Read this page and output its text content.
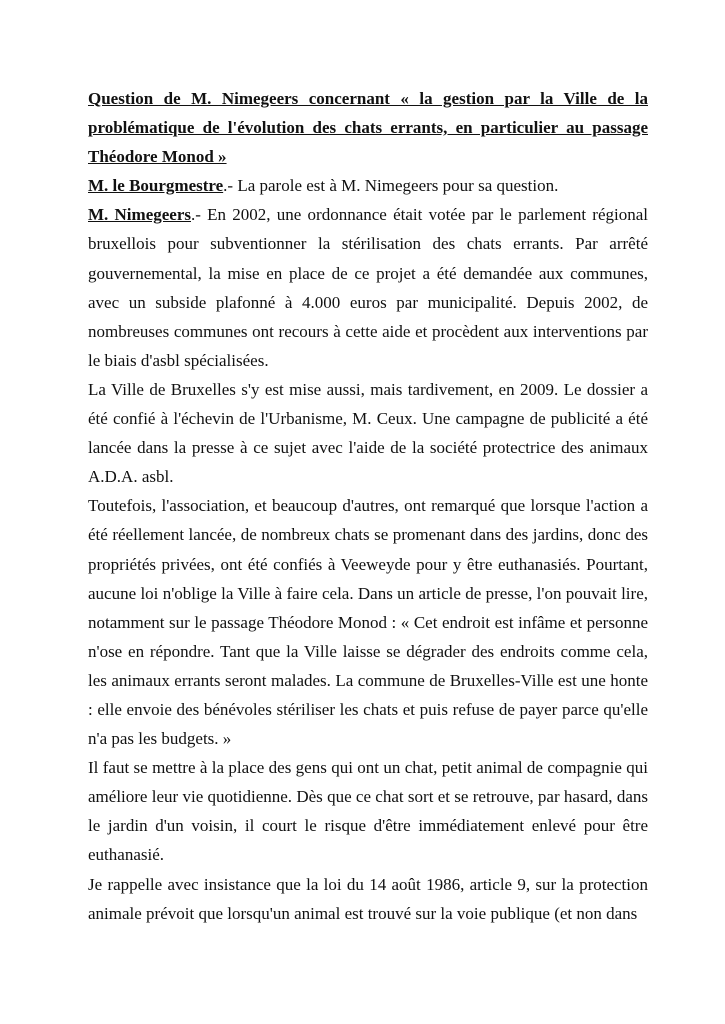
Question de M. Nimegeers concernant « la gestion par la Ville de la problématique de l'évolution des chats errants, en particulier au passage Théodore Monod »

M. le Bourgmestre.- La parole est à M. Nimegeers pour sa question.

M. Nimegeers.- En 2002, une ordonnance était votée par le parlement régional bruxellois pour subventionner la stérilisation des chats errants. Par arrêté gouvernemental, la mise en place de ce projet a été demandée aux communes, avec un subside plafonné à 4.000 euros par municipalité. Depuis 2002, de nombreuses communes ont recours à cette aide et procèdent aux interventions par le biais d'asbl spécialisées.

La Ville de Bruxelles s'y est mise aussi, mais tardivement, en 2009. Le dossier a été confié à l'échevin de l'Urbanisme, M. Ceux. Une campagne de publicité a été lancée dans la presse à ce sujet avec l'aide de la société protectrice des animaux A.D.A. asbl.

Toutefois, l'association, et beaucoup d'autres, ont remarqué que lorsque l'action a été réellement lancée, de nombreux chats se promenant dans des jardins, donc des propriétés privées, ont été confiés à Veeweyde pour y être euthanasiés. Pourtant, aucune loi n'oblige la Ville à faire cela. Dans un article de presse, l'on pouvait lire, notamment sur le passage Théodore Monod : « Cet endroit est infâme et personne n'ose en répondre. Tant que la Ville laisse se dégrader des endroits comme cela, les animaux errants seront malades. La commune de Bruxelles-Ville est une honte : elle envoie des bénévoles stériliser les chats et puis refuse de payer parce qu'elle n'a pas les budgets. »

Il faut se mettre à la place des gens qui ont un chat, petit animal de compagnie qui améliore leur vie quotidienne. Dès que ce chat sort et se retrouve, par hasard, dans le jardin d'un voisin, il court le risque d'être immédiatement enlevé pour être euthanasié.

Je rappelle avec insistance que la loi du 14 août 1986, article 9, sur la protection animale prévoit que lorsqu'un animal est trouvé sur la voie publique (et non dans
